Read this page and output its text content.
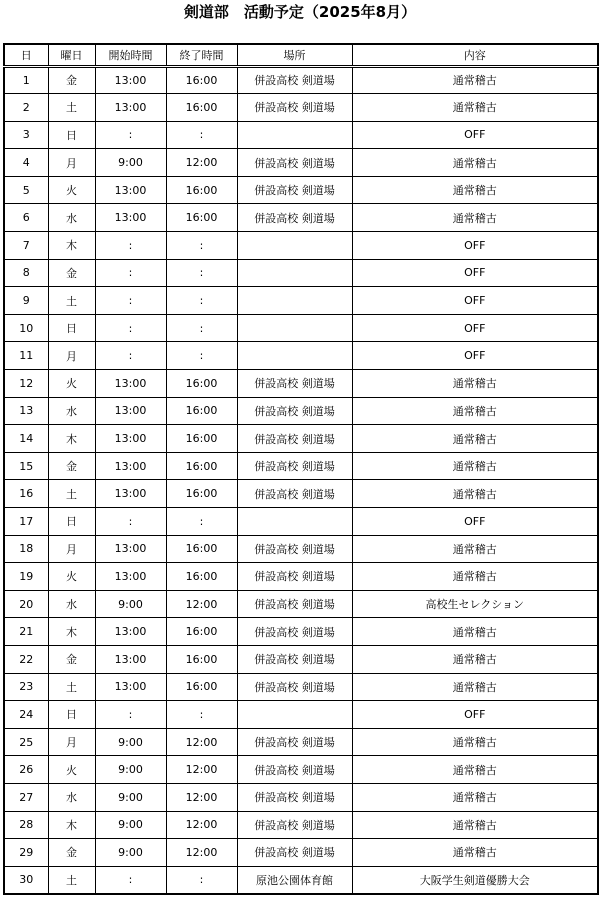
剣道部　活動予定（2025年8月）
日	曜日	開始時間	終了時間	場所	内容
1	金	13:00	16:00	併設高校 剣道場	通常稽古
2	土	13:00	16:00	併設高校 剣道場	通常稽古
3	日	:	:		OFF
4	月	9:00	12:00	併設高校 剣道場	通常稽古
5	火	13:00	16:00	併設高校 剣道場	通常稽古
6	水	13:00	16:00	併設高校 剣道場	通常稽古
7	木	:	:		OFF
8	金	:	:		OFF
9	土	:	:		OFF
10	日	:	:		OFF
11	月	:	:		OFF
12	火	13:00	16:00	併設高校 剣道場	通常稽古
13	水	13:00	16:00	併設高校 剣道場	通常稽古
14	木	13:00	16:00	併設高校 剣道場	通常稽古
15	金	13:00	16:00	併設高校 剣道場	通常稽古
16	土	13:00	16:00	併設高校 剣道場	通常稽古
17	日	:	:		OFF
18	月	13:00	16:00	併設高校 剣道場	通常稽古
19	火	13:00	16:00	併設高校 剣道場	通常稽古
20	水	9:00	12:00	併設高校 剣道場	高校生セレクション
21	木	13:00	16:00	併設高校 剣道場	通常稽古
22	金	13:00	16:00	併設高校 剣道場	通常稽古
23	土	13:00	16:00	併設高校 剣道場	通常稽古
24	日	:	:		OFF
25	月	9:00	12:00	併設高校 剣道場	通常稽古
26	火	9:00	12:00	併設高校 剣道場	通常稽古
27	水	9:00	12:00	併設高校 剣道場	通常稽古
28	木	9:00	12:00	併設高校 剣道場	通常稽古
29	金	9:00	12:00	併設高校 剣道場	通常稽古
30	土	:	:	原池公園体育館	大阪学生剣道優勝大会
